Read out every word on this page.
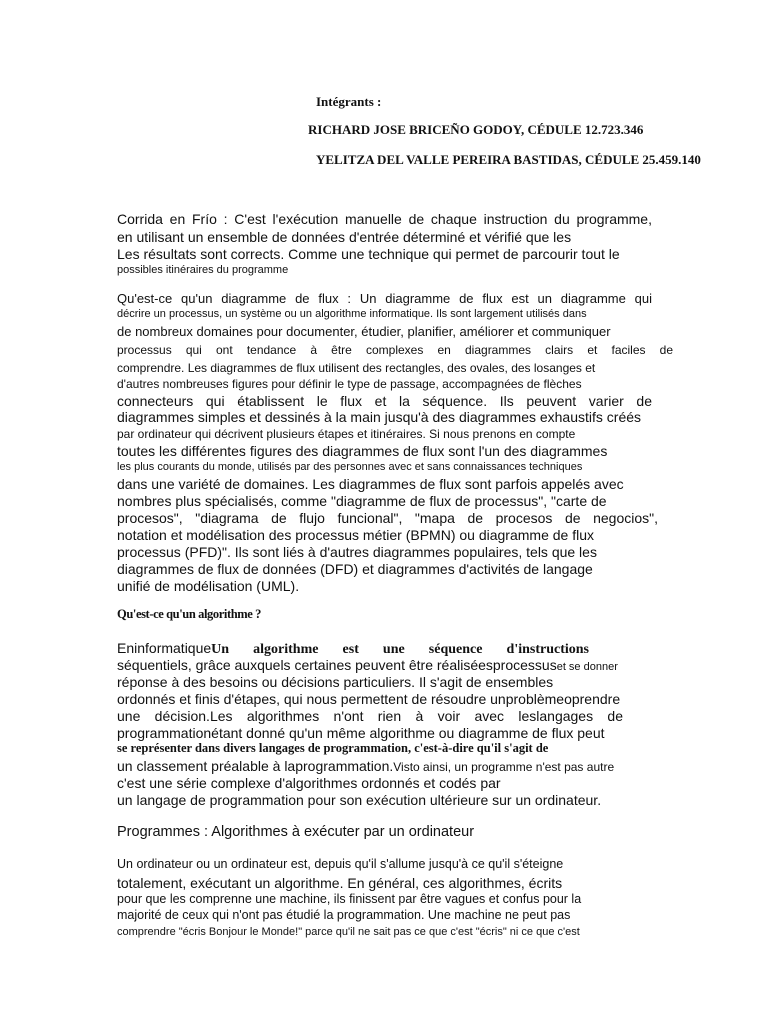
Intégrants :
RICHARD JOSE BRICEÑO GODOY, CÉDULE 12.723.346
YELITZA DEL VALLE PEREIRA BASTIDAS, CÉDULE 25.459.140
Corrida en Frío : C'est l'exécution manuelle de chaque instruction du programme,
en utilisant un ensemble de données d'entrée déterminé et vérifié que les
Les résultats sont corrects. Comme une technique qui permet de parcourir tout le
possibles itinéraires du programme
Qu'est-ce qu'un diagramme de flux : Un diagramme de flux est un diagramme qui
décrire un processus, un système ou un algorithme informatique. Ils sont largement utilisés dans
de nombreux domaines pour documenter, étudier, planifier, améliorer et communiquer
processus qui ont tendance à être complexes en diagrammes clairs et faciles de
comprendre. Les diagrammes de flux utilisent des rectangles, des ovales, des losanges et
d'autres nombreuses figures pour définir le type de passage, accompagnées de flèches
connecteurs qui établissent le flux et la séquence. Ils peuvent varier de
diagrammes simples et dessinés à la main jusqu'à des diagrammes exhaustifs créés
par ordinateur qui décrivent plusieurs étapes et itinéraires. Si nous prenons en compte
toutes les différentes figures des diagrammes de flux sont l'un des diagrammes
les plus courants du monde, utilisés par des personnes avec et sans connaissances techniques
dans une variété de domaines. Les diagrammes de flux sont parfois appelés avec
nombres plus spécialisés, comme "diagramme de flux de processus", "carte de
procesos", "diagrama de flujo funcional", "mapa de procesos de negocios",
notation et modélisation des processus métier (BPMN) ou diagramme de flux
processus (PFD)". Ils sont liés à d'autres diagrammes populaires, tels que les
diagrammes de flux de données (DFD) et diagrammes d'activités de langage
unifié de modélisation (UML).
Qu'est-ce qu'un algorithme ?
Eninformatique Un algorithme est une séquence d'instructions
séquentiels, grâce auxquels certaines peuvent être réaliséesprocessuset se donner
réponse à des besoins ou décisions particuliers. Il s'agit de ensembles
ordonnés et finis d'étapes, qui nous permettent de résoudre unproblèmeoprendre
une décision.Les algorithmes n'ont rien à voir avec leslangages de
programmationétant donné qu'un même algorithme ou diagramme de flux peut
se représenter dans divers langages de programmation, c'est-à-dire qu'il s'agit de
un classement préalable à laprogrammation.Visto ainsi, un programme n'est pas autre
c'est une série complexe d'algorithmes ordonnés et codés par
un langage de programmation pour son exécution ultérieure sur un ordinateur.
Programmes : Algorithmes à exécuter par un ordinateur
Un ordinateur ou un ordinateur est, depuis qu'il s'allume jusqu'à ce qu'il s'éteigne
totalement, exécutant un algorithme. En général, ces algorithmes, écrits
pour que les comprenne une machine, ils finissent par être vagues et confus pour la
majorité de ceux qui n'ont pas étudié la programmation. Une machine ne peut pas
comprendre "écris Bonjour le Monde!" parce qu'il ne sait pas ce que c'est "écris" ni ce que c'est
